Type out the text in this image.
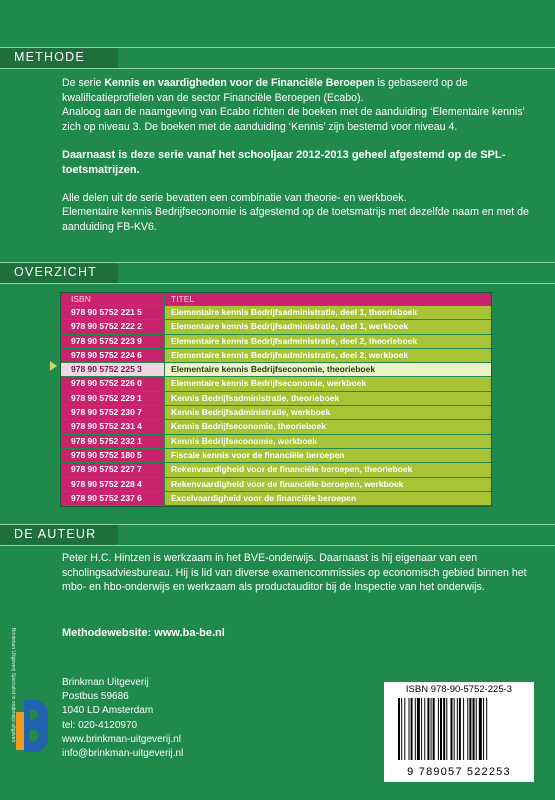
METHODE
De serie Kennis en vaardigheden voor de Financiële Beroepen is gebaseerd op de kwalificatieprofielen van de sector Financiële Beroepen (Ecabo).
Analoog aan de naamgeving van Ecabo richten de boeken met de aanduiding ‘Elementaire kennis’ zich op niveau 3. De boeken met de aanduiding ‘Kennis’ zijn bestemd voor niveau 4.
Daarnaast is deze serie vanaf het schooljaar 2012-2013 geheel afgestemd op de SPL-toetsmatrijzen.
Alle delen uit de serie bevatten een combinatie van theorie- en werkboek.
Elementaire kennis Bedrijfseconomie is afgestemd op de toetsmatrijs met dezelfde naam en met de aanduiding FB-KV6.
OVERZICHT
ISBN	TITEL
978 90 5752 221 5	Elementaire kennis Bedrijfsadministratie, deel 1, theorieboek
978 90 5752 222 2	Elementaire kennis Bedrijfsadministratie, deel 1, werkboek
978 90 5752 223 9	Elementaire kennis Bedrijfsadministratie, deel 2, theorieboek
978 90 5752 224 6	Elementaire kennis Bedrijfsadministratie, deel 2, werkboek
978 90 5752 225 3	Elementaire kennis Bedrijfseconomie, theorieboek
978 90 5752 226 0	Elementaire kennis Bedrijfseconomie, werkboek
978 90 5752 229 1	Kennis Bedrijfsadministratie, theorieboek
978 90 5752 230 7	Kennis Bedrijfsadministratie, werkboek
978 90 5752 231 4	Kennis Bedrijfseconomie, theorieboek
978 90 5752 232 1	Kennis Bedrijfseconomie, werkboek
978 90 5752 180 5	Fiscale kennis voor de financiële beroepen
978 90 5752 227 7	Rekenvaardigheid voor de financiële beroepen, theorieboek
978 90 5752 228 4	Rekenvaardigheid voor de financiële beroepen, werkboek
978 90 5752 237 6	Excelvaardigheid voor de financiële beroepen
DE AUTEUR
Peter H.C. Hintzen is werkzaam in het BVE-onderwijs. Daarnaast is hij eigenaar van een scholingsadviesbureau. Hij is lid van diverse examencommissies op economisch gebied binnen het mbo- en hbo-onderwijs en werkzaam als productauditor bij de Inspectie van het onderwijs.
Methodewebsite: www.ba-be.nl
Brinkman Uitgeverij Specialist in onderwijs uitgaven	Brinkman Uitgeverij
Postbus 59686
1040 LD Amsterdam
tel: 020-4120970
www.brinkman-uitgeverij.nl
info@brinkman-uitgeverij.nl
ISBN 978-90-5752-225-3
9 789057 522253
